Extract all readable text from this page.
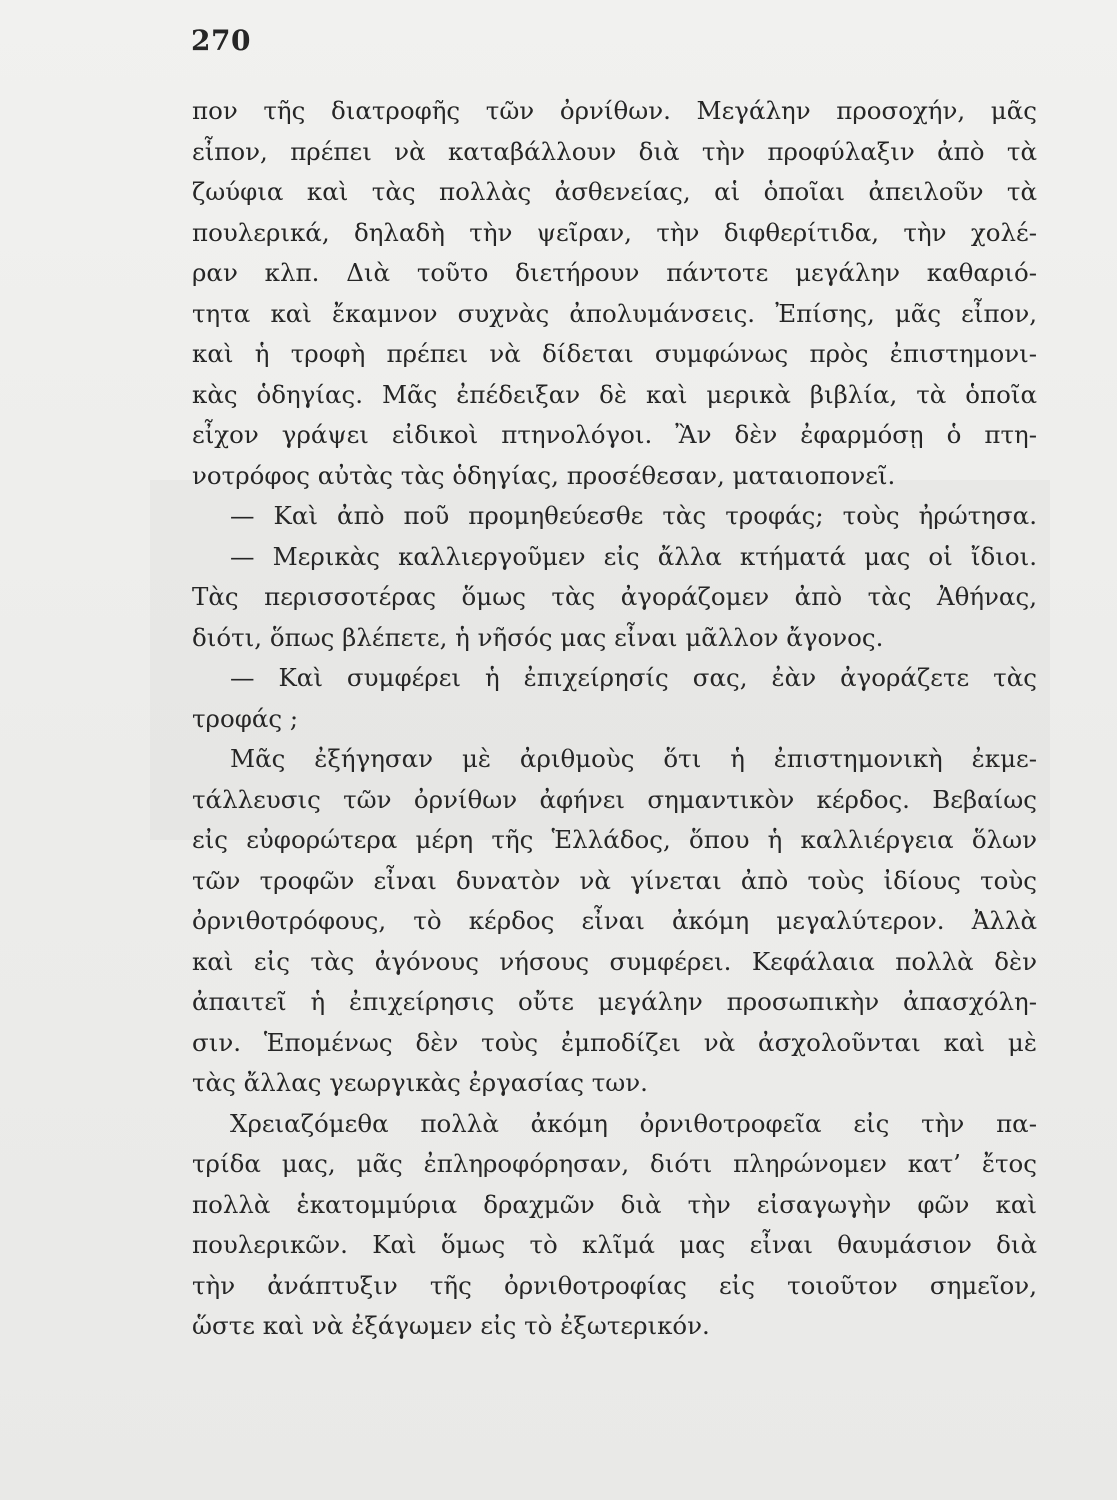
270
πον τῆς διατροφῆς τῶν ὀρνίθων. Μεγάλην προσοχήν, μᾶς
εἶπον, πρέπει νὰ καταβάλλουν διὰ τὴν προφύλαξιν ἀπὸ τὰ
ζωύφια καὶ τὰς πολλὰς ἀσθενείας, αἱ ὁποῖαι ἀπειλοῦν τὰ
πουλερικά, δηλαδὴ τὴν ψεῖραν, τὴν διφθερίτιδα, τὴν χολέ-
ραν κλπ. Διὰ τοῦτο διετήρουν πάντοτε μεγάλην καθαριό-
τητα καὶ ἔκαμνον συχνὰς ἀπολυμάνσεις. Ἐπίσης, μᾶς εἶπον,
καὶ ἡ τροφὴ πρέπει νὰ δίδεται συμφώνως πρὸς ἐπιστημονι-
κὰς ὁδηγίας. Μᾶς ἐπέδειξαν δὲ καὶ μερικὰ βιβλία, τὰ ὁποῖα
εἶχον γράψει εἰδικοὶ πτηνολόγοι. Ἂν δὲν ἐφαρμόσῃ ὁ πτη-
νοτρόφος αὐτὰς τὰς ὁδηγίας, προσέθεσαν, ματαιοπονεῖ.
— Καὶ ἀπὸ ποῦ προμηθεύεσθε τὰς τροφάς; τοὺς ἠρώτησα.
— Μερικὰς καλλιεργοῦμεν εἰς ἄλλα κτήματά μας οἱ ἴδιοι.
Τὰς περισσοτέρας ὅμως τὰς ἀγοράζομεν ἀπὸ τὰς Ἀθήνας,
διότι, ὅπως βλέπετε, ἡ νῆσός μας εἶναι μᾶλλον ἄγονος.
— Καὶ συμφέρει ἡ ἐπιχείρησίς σας, ἐὰν ἀγοράζετε τὰς
τροφάς ;
Μᾶς ἐξήγησαν μὲ ἀριθμοὺς ὅτι ἡ ἐπιστημονικὴ ἐκμε-
τάλλευσις τῶν ὀρνίθων ἀφήνει σημαντικὸν κέρδος. Βεβαίως
εἰς εὐφορώτερα μέρη τῆς Ἑλλάδος, ὅπου ἡ καλλιέργεια ὅλων
τῶν τροφῶν εἶναι δυνατὸν νὰ γίνεται ἀπὸ τοὺς ἰδίους τοὺς
ὀρνιθοτρόφους, τὸ κέρδος εἶναι ἀκόμη μεγαλύτερον. Ἀλλὰ
καὶ εἰς τὰς ἀγόνους νήσους συμφέρει. Κεφάλαια πολλὰ δὲν
ἀπαιτεῖ ἡ ἐπιχείρησις οὔτε μεγάλην προσωπικὴν ἀπασχόλη-
σιν. Ἑπομένως δὲν τοὺς ἐμποδίζει νὰ ἀσχολοῦνται καὶ μὲ
τὰς ἄλλας γεωργικὰς ἐργασίας των.
Χρειαζόμεθα πολλὰ ἀκόμη ὀρνιθοτροφεῖα εἰς τὴν πα-
τρίδα μας, μᾶς ἐπληροφόρησαν, διότι πληρώνομεν κατ’ ἔτος
πολλὰ ἑκατομμύρια δραχμῶν διὰ τὴν εἰσαγωγὴν φῶν καὶ
πουλερικῶν. Καὶ ὅμως τὸ κλῖμά μας εἶναι θαυμάσιον διὰ
τὴν ἀνάπτυξιν τῆς ὀρνιθοτροφίας εἰς τοιοῦτον σημεῖον,
ὥστε καὶ νὰ ἐξάγωμεν εἰς τὸ ἐξωτερικόν.
